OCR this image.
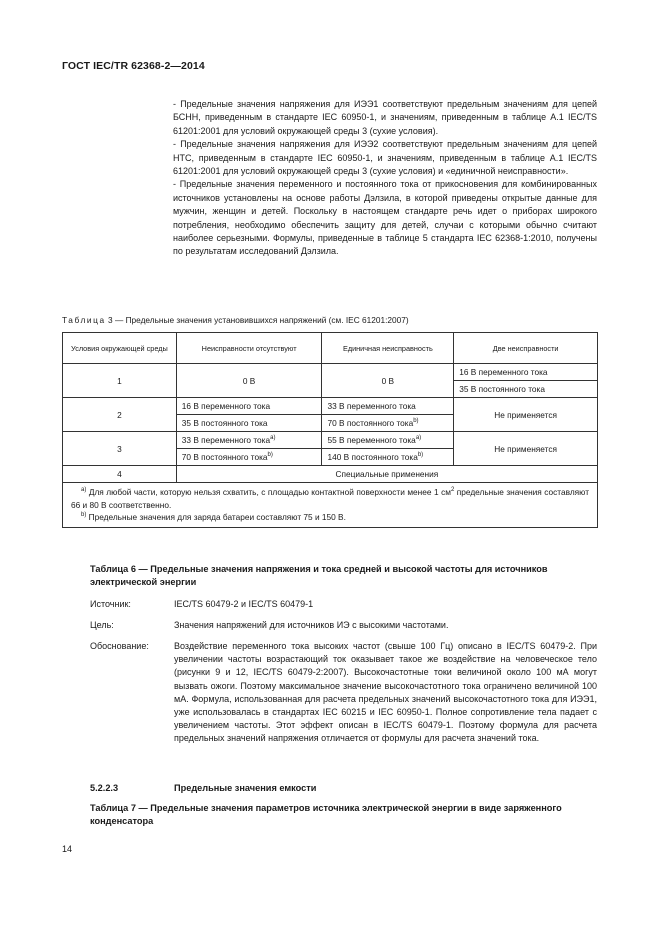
ГОСТ IEC/TR 62368-2—2014

- Предельные значения напряжения для ИЭЭ1 соответствуют предельным значениям для цепей БСНН, приведенным в стандарте IEC 60950-1, и значениям, приведенным в таблице А.1 IEC/TS 61201:2001 для условий окружающей среды 3 (сухие условия).

- Предельные значения напряжения для ИЭЭ2 соответствуют предельным значениям для цепей НТС, приведенным в стандарте IEC 60950-1, и значениям, приведенным в таблице А.1 IEC/TS 61201:2001 для условий окружающей среды 3 (сухие условия) и «единичной неисправности».

- Предельные значения переменного и постоянного тока от прикосновения для комбинированных источников установлены на основе работы Дэлзила, в которой приведены открытые данные для мужчин, женщин и детей. Поскольку в настоящем стандарте речь идет о приборах широкого потребления, необходимо обеспечить защиту для детей, случаи с которыми обычно считают наиболее серьезными. Формулы, приведенные в таблице 5 стандарта IEC 62368-1:2010, получены по результатам исследований Дэлзила.

Таблица 3 — Предельные значения установившихся напряжений (см. IEC 61201:2007)
Условия окружающей среды	Неисправности отсутствуют	Единичная неисправность	Две неисправности
1	0 В	0 В	16 В переменного тока
			35 В постоянного тока
2	16 В переменного тока	33 В переменного тока	Не применяется
	35 В постоянного тока	70 В постоянного тока$^{b)}$
3	33 В переменного тока$^{a)}$	55 В переменного тока$^{a)}$	Не применяется
	70 В постоянного тока$^{b)}$	140 В постоянного тока$^{b)}$
4	Специальные применения		

$^{a)}$ Для любой части, которую нельзя схватить, с площадью контактной поверхности менее 1 $см^2$ предельные значения составляют 66 и 80 В соответственно.
$^{b)}$ Предельные значения для заряда батареи составляют 75 и 150 В.			
Таблица 6 — Предельные значения напряжения и тока средней и высокой частоты для источников электрической энергии
Источник:	IEC/TS 60479-2 и IEC/TS 60479-1
Цель:	Значения напряжений для источников ИЭ с высокими частотами.
Обоснование:	Воздействие переменного тока высоких частот (свыше 100 Гц) описано в IEC/TS 60479-2. При увеличении частоты возрастающий ток оказывает такое же воздействие на человеческое тело (рисунки 9 и 12, IEC/TS 60479-2:2007). Высокочастотные токи величиной около 100 мА могут вызвать ожоги. Поэтому максимальное значение высокочастотного тока ограничено величиной 100 мА. Формула, использованная для расчета предельных значений высокочастотного тока для ИЭЭ1, уже использовалась в стандартах IEC 60215 и IEC 60950-1. Полное сопротивление тела падает с увеличением частоты. Этот эффект описан в IEC/TS 60479-1. Поэтому формула для расчета предельных значений напряжения отличается от формулы для расчета значений тока.
5.2.2.3	Предельные значения емкости
Таблица 7 — Предельные значения параметров источника электрической энергии в виде заряженного конденсатора
14
